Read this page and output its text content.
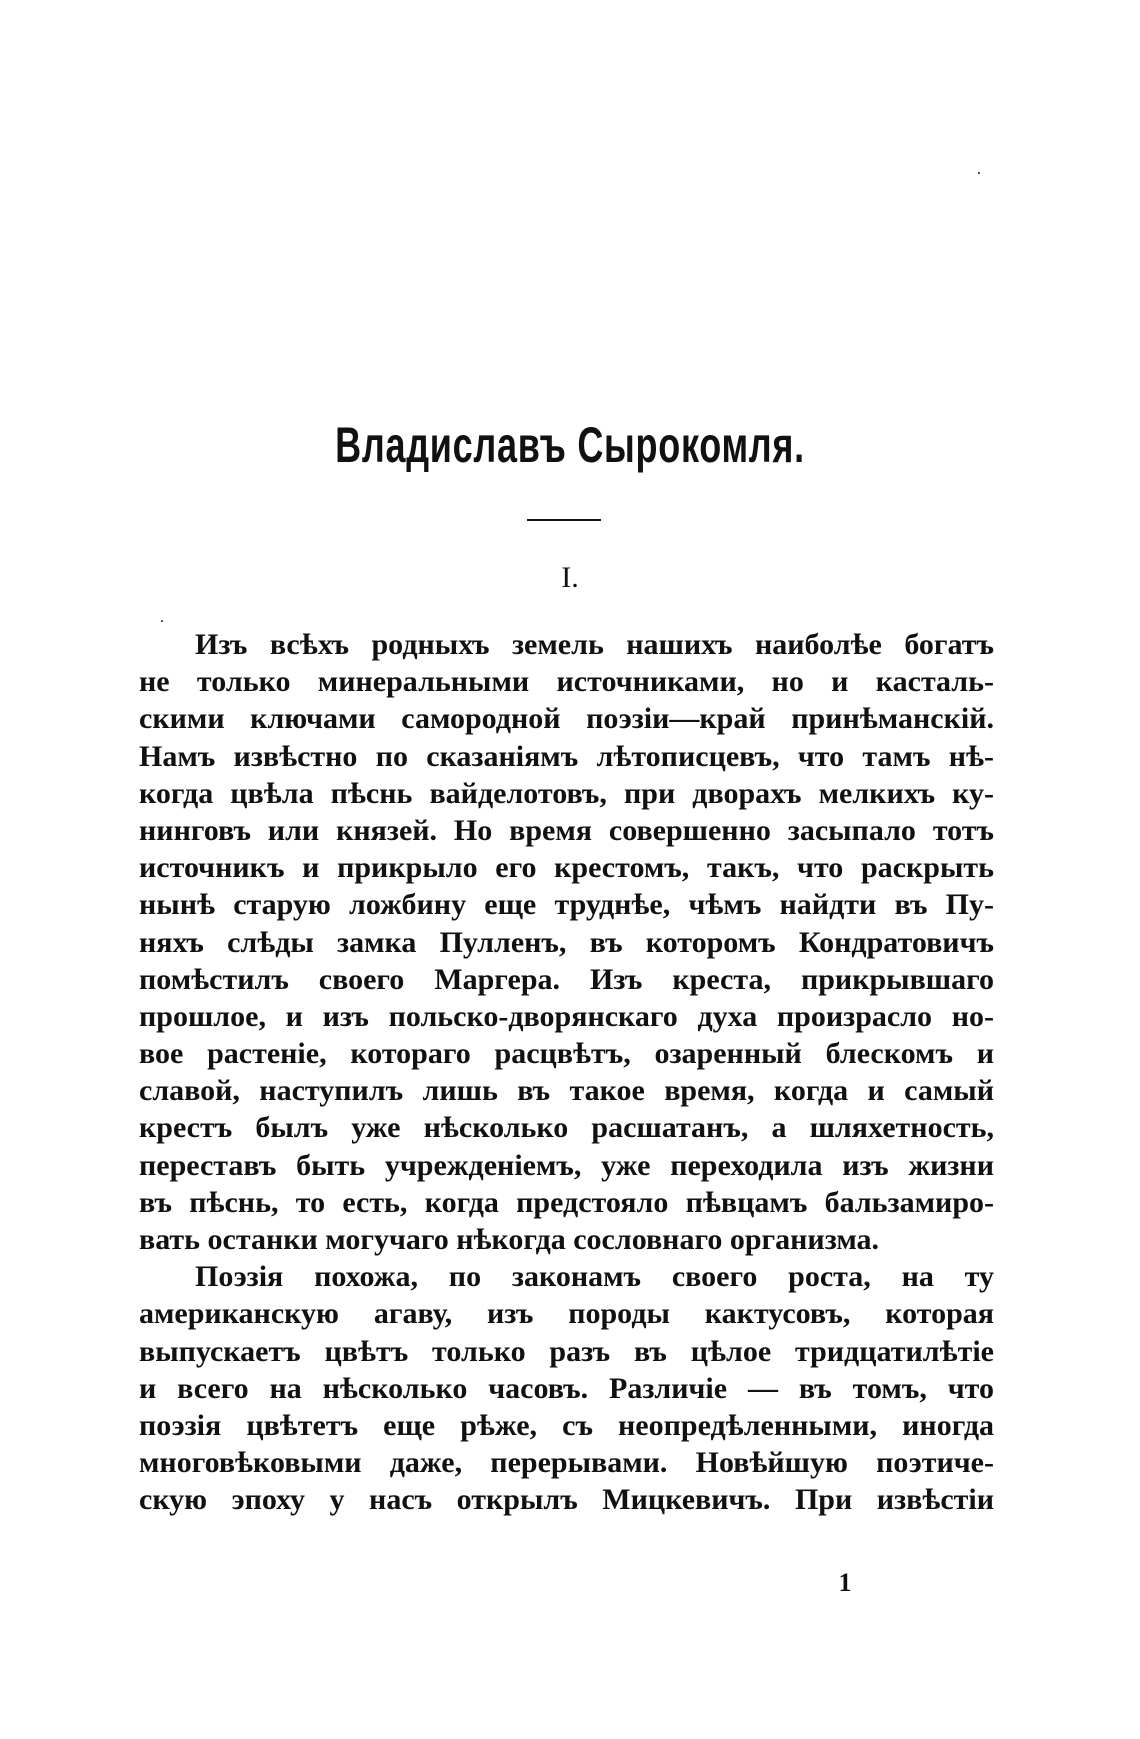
Владиславъ Сырокомля.
I.
Изъ всѣхъ родныхъ земель нашихъ наиболѣе богатъ
не только минеральными источниками, но и касталь-
скими ключами самородной поэзіи—край принѣманскій.
Намъ извѣстно по сказаніямъ лѣтописцевъ, что тамъ нѣ-
когда цвѣла пѣснь вайделотовъ, при дворахъ мелкихъ ку-
нинговъ или князей. Но время совершенно засыпало тотъ
источникъ и прикрыло его крестомъ, такъ, что раскрыть
нынѣ старую ложбину еще труднѣе, чѣмъ найдти въ Пу-
няхъ слѣды замка Пулленъ, въ которомъ Кондратовичъ
помѣстилъ своего Маргера. Изъ креста, прикрывшаго
прошлое, и изъ польско-дворянскаго духа произрасло но-
вое растеніе, котораго расцвѣтъ, озаренный блескомъ и
славой, наступилъ лишь въ такое время, когда и самый
крестъ былъ уже нѣсколько расшатанъ, а шляхетность,
переставъ быть учрежденіемъ, уже переходила изъ жизни
въ пѣснь, то есть, когда предстояло пѣвцамъ бальзамиро-
вать останки могучаго нѣкогда сословнаго организма.
Поэзія похожа, по законамъ своего роста, на ту
американскую агаву, изъ породы кактусовъ, которая
выпускаетъ цвѣтъ только разъ въ цѣлое тридцатилѣтіе
и всего на нѣсколько часовъ. Различіе — въ томъ, что
поэзія цвѣтетъ еще рѣже, съ неопредѣленными, иногда
многовѣковыми даже, перерывами. Новѣйшую поэтиче-
скую эпоху у насъ открылъ Мицкевичъ. При извѣстіи
1
